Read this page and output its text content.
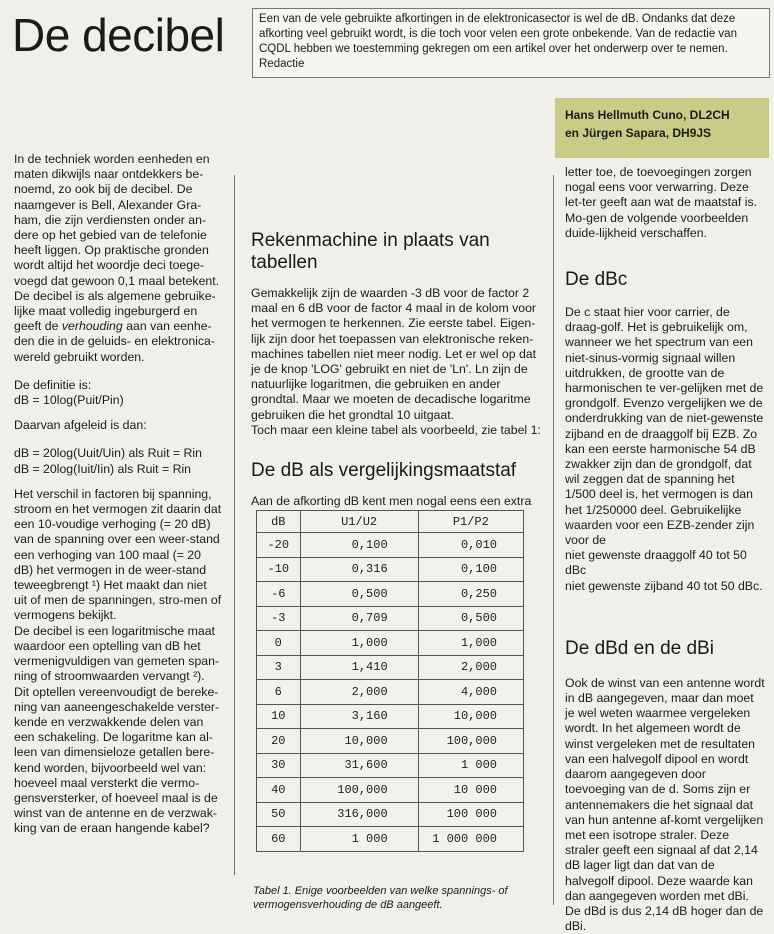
De decibel	Een van de vele gebruikte afkortingen in de elektronicasector is wel de dB. Ondanks dat deze afkorting veel gebruikt wordt, is die toch voor velen een grote onbekende. Van de redactie van CQDL hebben we toestemming gekregen om een artikel over het onderwerp over te nemen. Redactie
Hans Hellmuth Cuno, DL2CH
en Jürgen Sapara, DH9JS

In de techniek worden eenheden en maten dikwijls naar ontdekkers be-noemd, zo ook bij de decibel. De naamgever is Bell, Alexander Gra-ham, die zijn verdiensten onder an-dere op het gebied van de telefonie heeft liggen. Op praktische gronden wordt altijd het woordje deci toege-voegd dat gewoon 0,1 maal betekent. De decibel is als algemene gebruike-lijke maat volledig ingeburgerd en geeft de verhouding aan van eenhe-den die in de geluids- en elektronica-wereld gebruikt worden.

De definitie is:
dB = 10log(Puit/Pin)

Daarvan afgeleid is dan:

dB = 20log(Uuit/Uin) als Ruit = Rin
dB = 20log(Iuit/Iin) als Ruit = Rin

Het verschil in factoren bij spanning, stroom en het vermogen zit daarin dat een 10-voudige verhoging (= 20 dB) van de spanning over een weer-stand een verhoging van 100 maal (= 20 dB) het vermogen in de weer-stand teweegbrengt ¹) Het maakt dan niet uit of men de spanningen, stro-men of vermogens bekijkt.

De decibel is een logaritmische maat waardoor een optelling van dB het vermenigvuldigen van gemeten span-ning of stroomwaarden vervangt ²). Dit optellen vereenvoudigt de bereke-ning van aaneengeschakelde verster-kende en verzwakkende delen van een schakeling. De logaritme kan al-leen van dimensieloze getallen bere-kend worden, bijvoorbeeld wel van: hoeveel maal versterkt die vermo-gensversterker, of hoeveel maal is de winst van de antenne en de verzwak-king van de eraan hangende kabel?

Rekenmachine in plaats van tabellen

Gemakkelijk zijn de waarden -3 dB voor de factor 2 maal en 6 dB voor de factor 4 maal in de kolom voor het vermogen te herkennen. Zie eerste tabel. Eigen-lijk zijn door het toepassen van elektronische reken-machines tabellen niet meer nodig. Let er wel op dat je de knop 'LOG' gebruikt en niet de 'Ln'. Ln zijn de natuurlijke logaritmen, die gebruiken en ander grondtal. Maar we moeten de decadische logaritme gebruiken die het grondtal 10 uitgaat.

Toch maar een kleine tabel als voorbeeld, zie tabel 1:

De dB als vergelijkingsmaatstaf

Aan de afkorting dB kent men nogal eens een extra

dB	U1/U2	P1/P2
-20	0,100	0,010
-10	0,316	0,100
-6	0,500	0,250
-3	0,709	0,500
0	1,000	1,000
3	1,410	2,000
6	2,000	4,000
10	3,160	10,000
20	10,000	100,000
30	31,600	1 000
40	100,000	10 000
50	316,000	100 000
60	1 000	1 000 000
Tabel 1. Enige voorbeelden van welke spannings- of vermogensverhouding de dB aangeeft.

letter toe, de toevoegingen zorgen nogal eens voor verwarring. Deze let-ter geeft aan wat de maatstaf is. Mo-gen de volgende voorbeelden duide-lijkheid verschaffen.

De dBc

De c staat hier voor carrier, de draag-golf. Het is gebruikelijk om, wanneer we het spectrum van een niet-sinus-vormig signaal willen uitdrukken, de grootte van de harmonischen te ver-gelijken met de grondgolf. Evenzo vergelijken we de onderdrukking van de niet-gewenste zijband en de draaggolf bij EZB. Zo kan een eerste harmonische 54 dB zwakker zijn dan de grondgolf, dat wil zeggen dat de spanning het 1/500 deel is, het vermogen is dan het 1/250000 deel. Gebruikelijke waarden voor een EZB-zender zijn voor de

niet gewenste draaggolf 40 tot 50 dBc
niet gewenste zijband 40 tot 50 dBc.

De dBd en de dBi

Ook de winst van een antenne wordt in dB aangegeven, maar dan moet je wel weten waarmee vergeleken wordt. In het algemeen wordt de winst vergeleken met de resultaten van een halvegolf dipool en wordt daarom aangegeven door toevoeging van de d. Soms zijn er antennemakers die het signaal dat van hun antenne af-komt vergelijken met een isotrope straler. Deze straler geeft een signaal af dat 2,14 dB lager ligt dan dat van de halvegolf dipool. Deze waarde kan dan aangegeven worden met dBi. De dBd is dus 2,14 dB hoger dan de dBi.
